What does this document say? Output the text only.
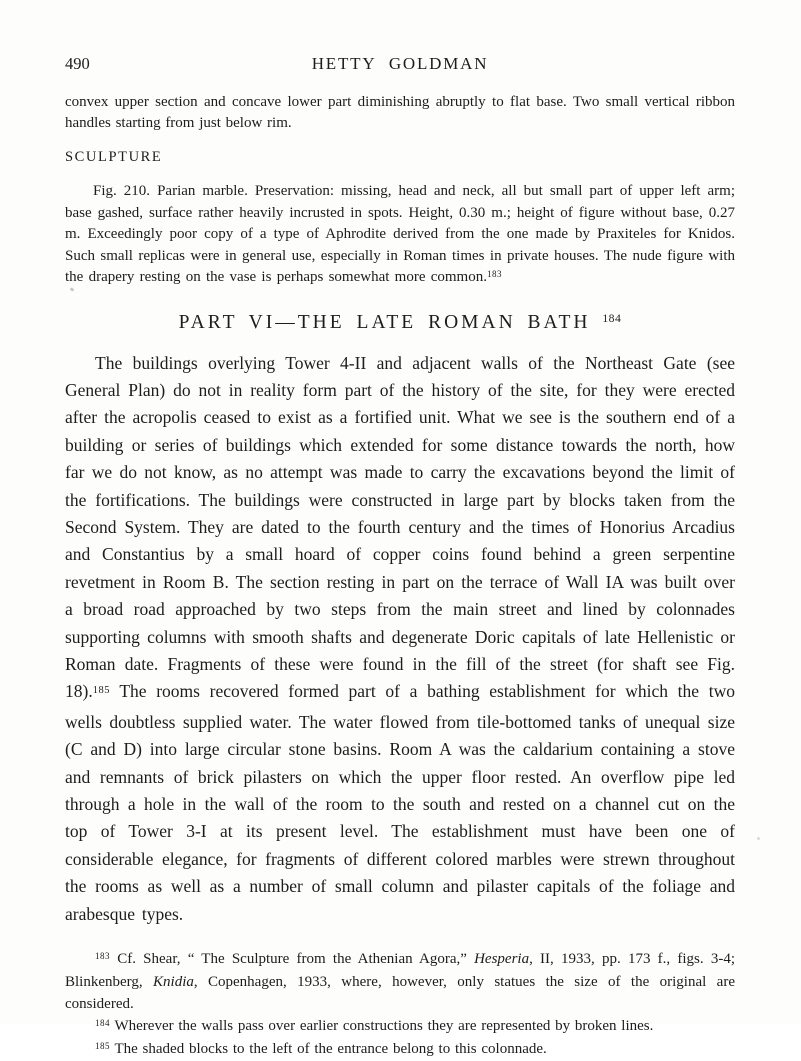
490	HETTY GOLDMAN

convex upper section and concave lower part diminishing abruptly to flat base. Two small vertical ribbon handles starting from just below rim.

SCULPTURE

Fig. 210. Parian marble. Preservation: missing, head and neck, all but small part of upper left arm; base gashed, surface rather heavily incrusted in spots. Height, 0.30 m.; height of figure without base, 0.27 m. Exceedingly poor copy of a type of Aphrodite derived from the one made by Praxiteles for Knidos. Such small replicas were in general use, especially in Roman times in private houses. The nude figure with the drapery resting on the vase is perhaps somewhat more common.$^{183}$

PART VI—THE LATE ROMAN BATH $^{184}$

The buildings overlying Tower 4-II and adjacent walls of the Northeast Gate (see General Plan) do not in reality form part of the history of the site, for they were erected after the acropolis ceased to exist as a fortified unit. What we see is the southern end of a building or series of buildings which extended for some distance towards the north, how far we do not know, as no attempt was made to carry the excavations beyond the limit of the fortifications. The buildings were constructed in large part by blocks taken from the Second System. They are dated to the fourth century and the times of Honorius Arcadius and Constantius by a small hoard of copper coins found behind a green serpentine revetment in Room B. The section resting in part on the terrace of Wall IA was built over a broad road approached by two steps from the main street and lined by colonnades supporting columns with smooth shafts and degenerate Doric capitals of late Hellenistic or Roman date. Fragments of these were found in the fill of the street (for shaft see Fig. 18).$^{185}$ The rooms recovered formed part of a bathing establishment for which the two wells doubtless supplied water. The water flowed from tile-bottomed tanks of unequal size (C and D) into large circular stone basins. Room A was the caldarium containing a stove and remnants of brick pilasters on which the upper floor rested. An overflow pipe led through a hole in the wall of the room to the south and rested on a channel cut on the top of Tower 3-I at its present level. The establishment must have been one of considerable elegance, for fragments of different colored marbles were strewn throughout the rooms as well as a number of small column and pilaster capitals of the foliage and arabesque types.

$^{183}$ Cf. Shear, “ The Sculpture from the Athenian Agora,” Hesperia, II, 1933, pp. 173 f., figs. 3-4; Blinkenberg, Knidia, Copenhagen, 1933, where, however, only statues the size of the original are considered.

$^{184}$ Wherever the walls pass over earlier constructions they are represented by broken lines.

$^{185}$ The shaded blocks to the left of the entrance belong to this colonnade.
